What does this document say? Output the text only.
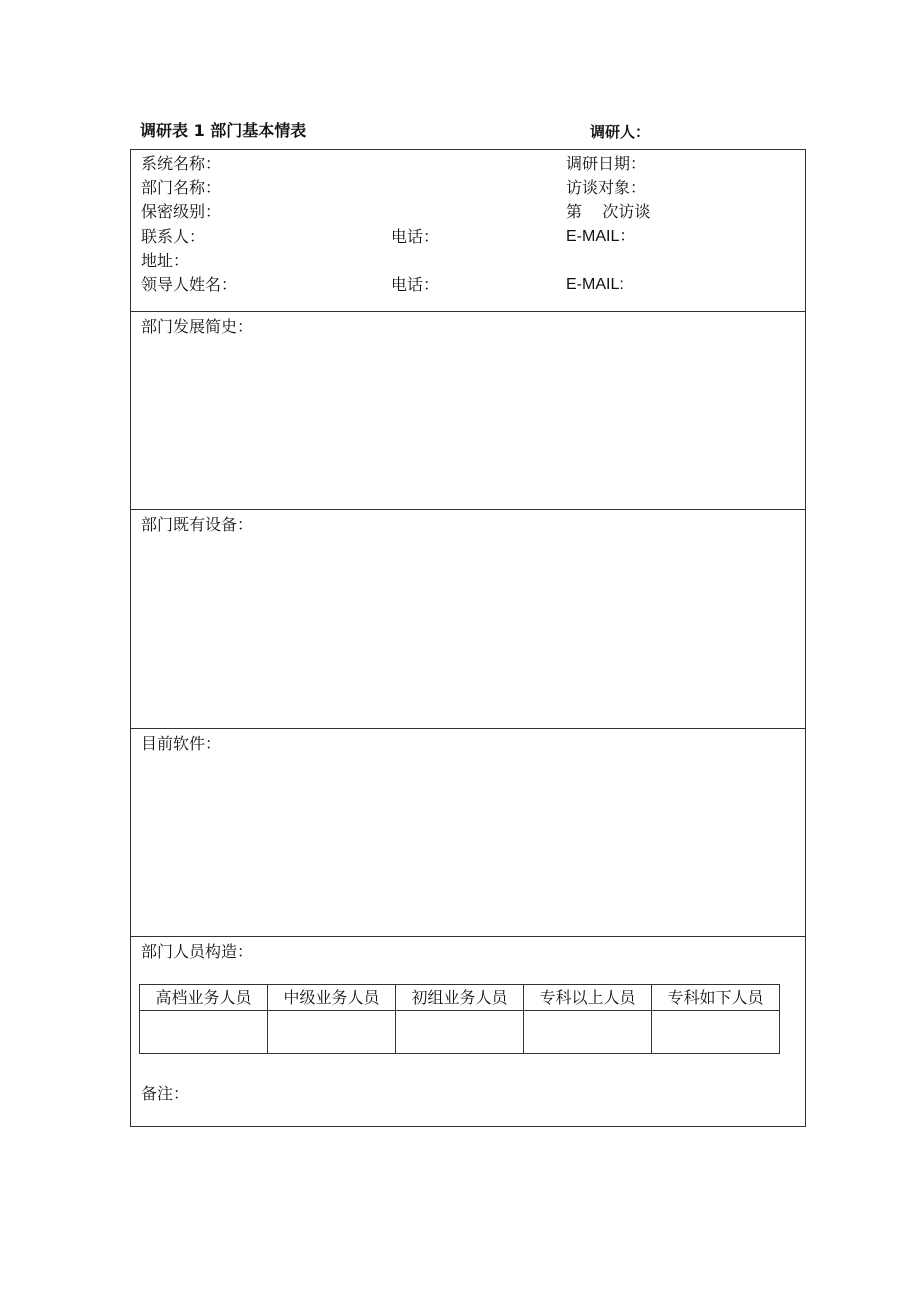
调研表 1 部门基本情表	调研人：
系统名称：	调研日期：
部门名称：	访谈对象：
保密级别：	第    次访谈
联系人：	电话：	E-MAIL：
地址：
领导人姓名：	电话：	E-MAIL:
部门发展简史：
部门既有设备：
目前软件：
部门人员构造：
高档业务人员	中级业务人员	初组业务人员	专科以上人员	专科如下人员

备注：
